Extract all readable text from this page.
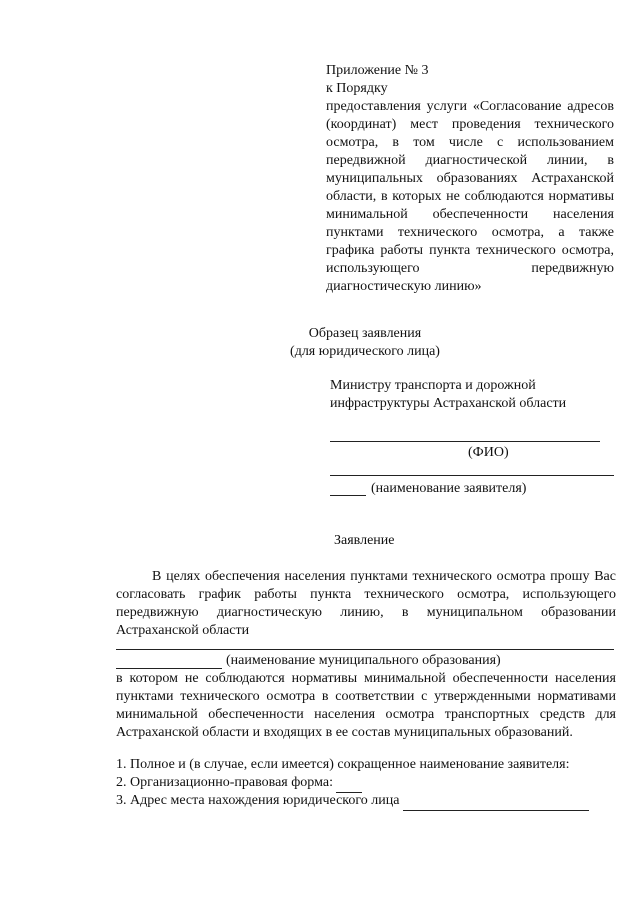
Приложение № 3
к Порядку
предоставления услуги «Согласование адресов (координат) мест проведения технического осмотра, в том числе с использованием передвижной диагностической линии, в муниципальных образованиях Астраханской области, в которых не соблюдаются нормативы минимальной обеспеченности населения пунктами технического осмотра, а также графика работы пункта технического осмотра, использующего передвижную диагностическую линию»
Образец заявления
(для юридического лица)
Министру транспорта и дорожной инфраструктуры Астраханской области
(ФИО)
(наименование заявителя)
Заявление
В целях обеспечения населения пунктами технического осмотра прошу Вас согласовать график работы пункта технического осмотра, использующего передвижную диагностическую линию, в муниципальном образовании Астраханской области
(наименование муниципального образования)
в котором не соблюдаются нормативы минимальной обеспеченности населения пунктами технического осмотра в соответствии с утвержденными нормативами минимальной обеспеченности населения осмотра транспортных средств для Астраханской области и входящих в ее состав муниципальных образований.
1. Полное и (в случае, если имеется) сокращенное наименование заявителя:
2. Организационно-правовая форма:
3. Адрес места нахождения юридического лица
